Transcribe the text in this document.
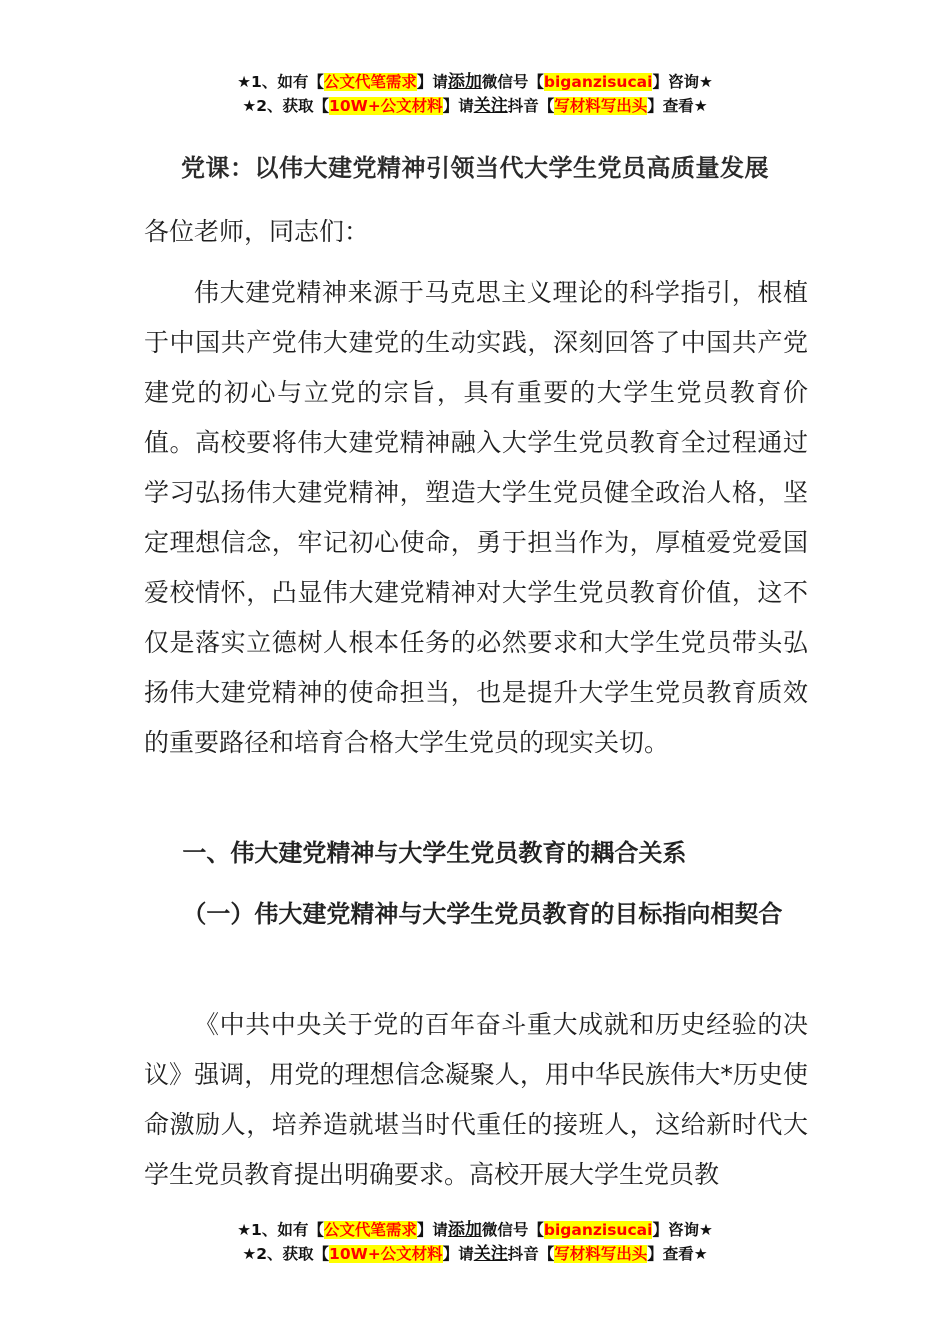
★1、如有【公文代笔需求】请添加微信号【biganzisucai】咨询★
★2、获取【10W+公文材料】请关注抖音【写材料写出头】查看★
党课：以伟大建党精神引领当代大学生党员高质量发展
各位老师，同志们：

伟大建党精神来源于马克思主义理论的科学指引，根植于中国共产党伟大建党的生动实践，深刻回答了中国共产党建党的初心与立党的宗旨，具有重要的大学生党员教育价值。高校要将伟大建党精神融入大学生党员教育全过程通过学习弘扬伟大建党精神，塑造大学生党员健全政治人格，坚定理想信念，牢记初心使命，勇于担当作为，厚植爱党爱国爱校情怀，凸显伟大建党精神对大学生党员教育价值，这不仅是落实立德树人根本任务的必然要求和大学生党员带头弘扬伟大建党精神的使命担当，也是提升大学生党员教育质效的重要路径和培育合格大学生党员的现实关切。

一、伟大建党精神与大学生党员教育的耦合关系
（一）伟大建党精神与大学生党员教育的目标指向相契合

《中共中央关于党的百年奋斗重大成就和历史经验的决议》强调，用党的理想信念凝聚人，用中华民族伟大*历史使命激励人，培养造就堪当时代重任的接班人，这给新时代大学生党员教育提出明确要求。高校开展大学生党员教

★1、如有【公文代笔需求】请添加微信号【biganzisucai】咨询★
★2、获取【10W+公文材料】请关注抖音【写材料写出头】查看★
